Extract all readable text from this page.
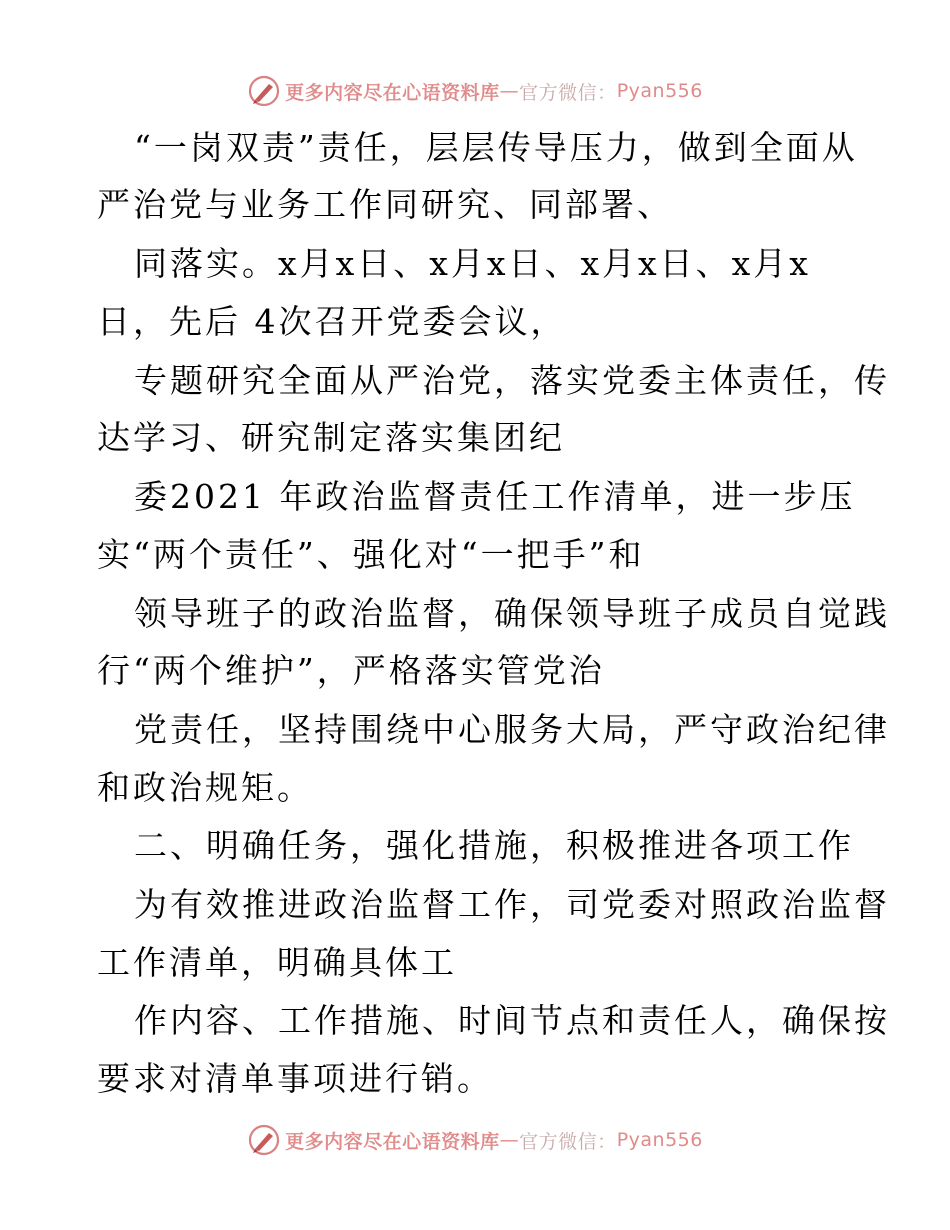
更多内容尽在心语资料库 — 官方微信： Pyan556
“一岗双责”责任，层层传导压力，做到全面从
严治党与业务工作同研究、同部署、
同落实。x月x日、x月x日、x月x日、x月x
日，先后 4次召开党委会议，
专题研究全面从严治党，落实党委主体责任，传
达学习、研究制定落实集团纪
委2021 年政治监督责任工作清单，进一步压
实“两个责任”、强化对“一把手”和
领导班子的政治监督，确保领导班子成员自觉践
行“两个维护”，严格落实管党治
党责任，坚持围绕中心服务大局，严守政治纪律
和政治规矩。
二、明确任务，强化措施，积极推进各项工作
为有效推进政治监督工作，司党委对照政治监督
工作清单，明确具体工
作内容、工作措施、时间节点和责任人，确保按
要求对清单事项进行销。
更多内容尽在心语资料库 — 官方微信： Pyan556
